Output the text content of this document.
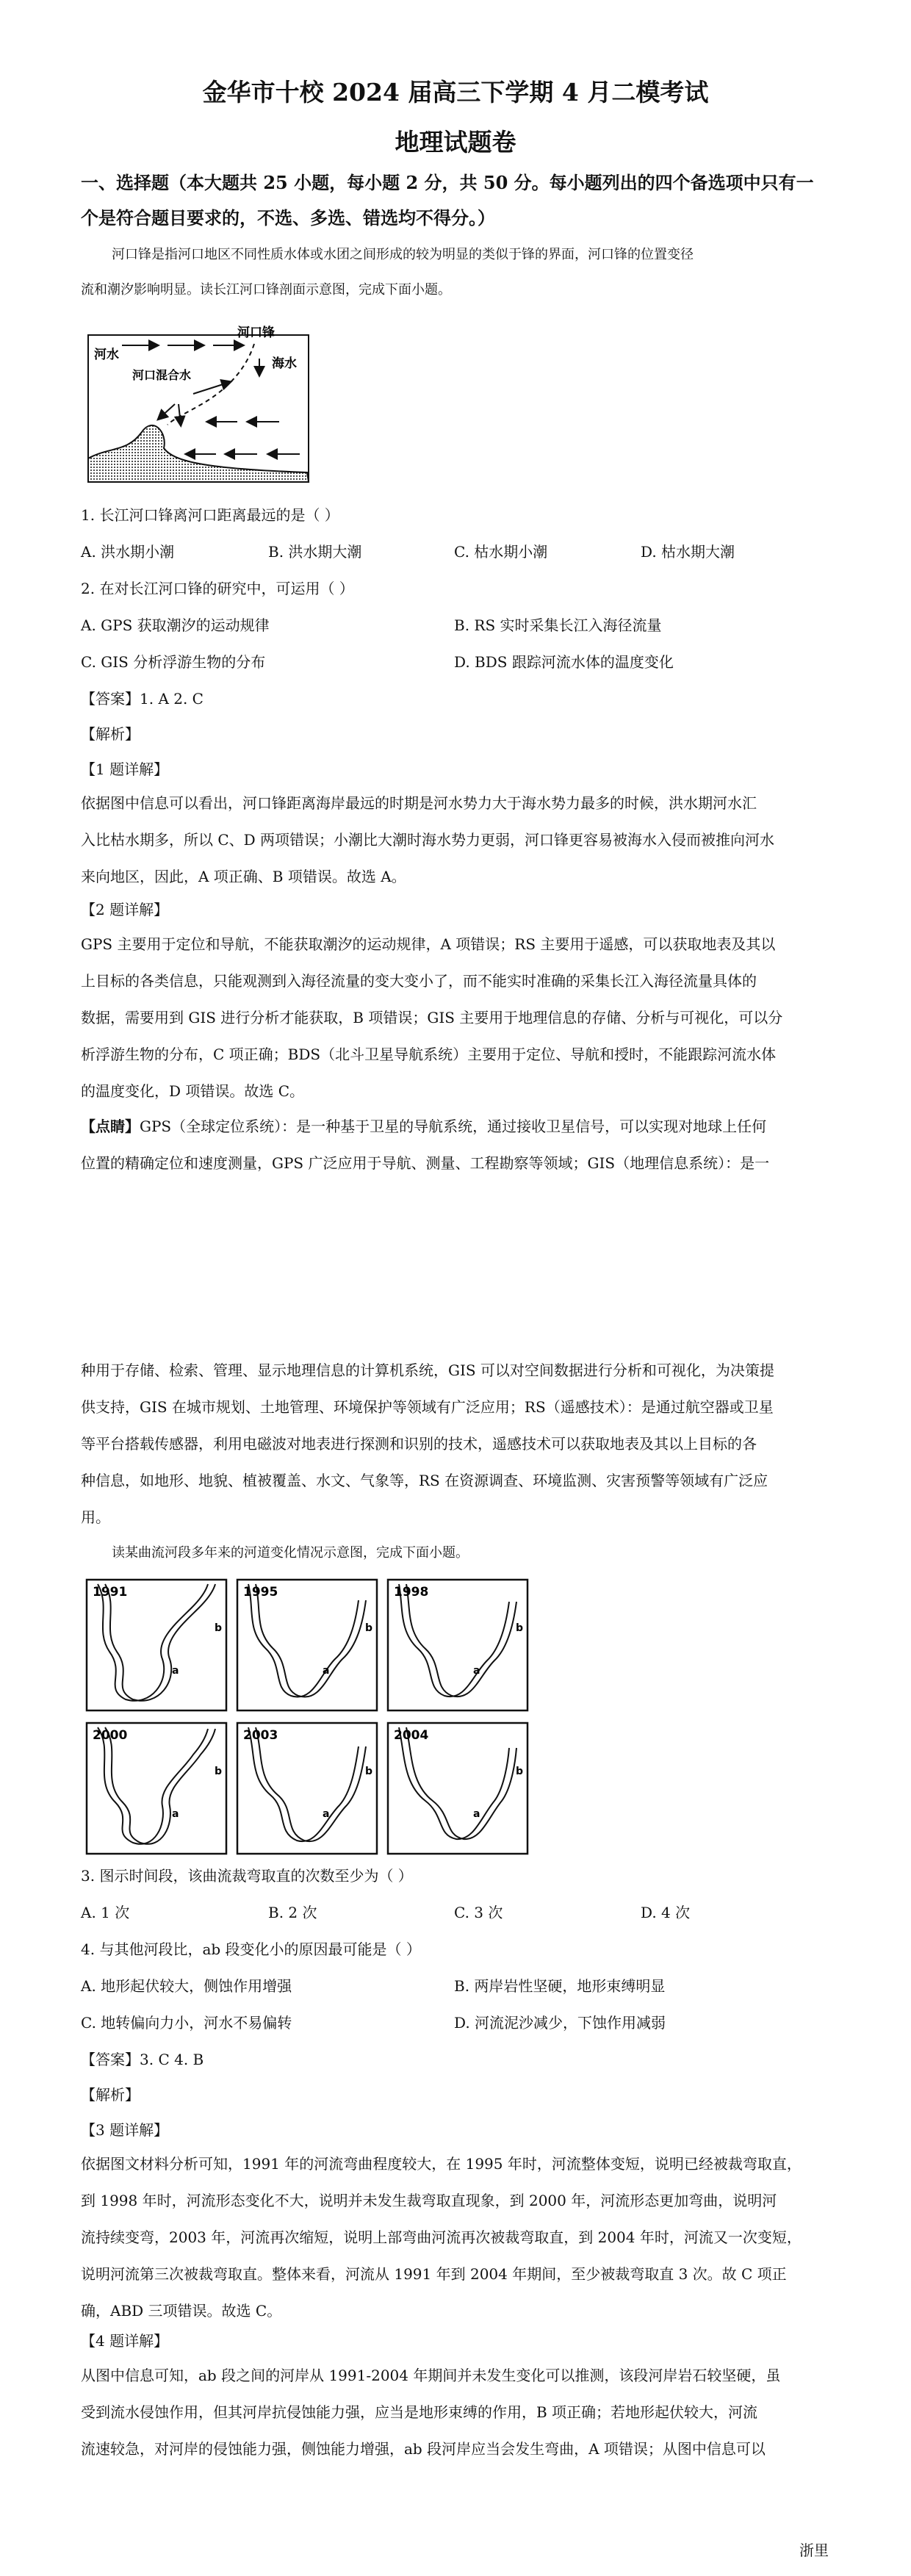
金华市十校 2024 届高三下学期 4 月二模考试
地理试题卷
一、选择题（本大题共 25 小题，每小题 2 分，共 50 分。每小题列出的四个备选项中只有一
个是符合题目要求的，不选、多选、错选均不得分。）
河口锋是指河口地区不同性质水体或水团之间形成的较为明显的类似于锋的界面，河口锋的位置变径
流和潮汐影响明显。读长江河口锋剖面示意图，完成下面小题。
河水
河口锋
河口混合水
海水
1. 长江河口锋离河口距离最远的是（ ）
A. 洪水期小潮	B. 洪水期大潮	C. 枯水期小潮	D. 枯水期大潮
2. 在对长江河口锋的研究中，可运用（ ）
A. GPS 获取潮汐的运动规律	B. RS 实时采集长江入海径流量
C. GIS 分析浮游生物的分布	D. BDS 跟踪河流水体的温度变化
【答案】1. A 2. C
【解析】
【1 题详解】
依据图中信息可以看出，河口锋距离海岸最远的时期是河水势力大于海水势力最多的时候，洪水期河水汇
入比枯水期多，所以 C、D 两项错误；小潮比大潮时海水势力更弱，河口锋更容易被海水入侵而被推向河水
来向地区，因此，A 项正确、B 项错误。故选 A。
【2 题详解】
GPS 主要用于定位和导航，不能获取潮汐的运动规律，A 项错误；RS 主要用于遥感，可以获取地表及其以
上目标的各类信息，只能观测到入海径流量的变大变小了，而不能实时准确的采集长江入海径流量具体的
数据，需要用到 GIS 进行分析才能获取，B 项错误；GIS 主要用于地理信息的存储、分析与可视化，可以分
析浮游生物的分布，C 项正确；BDS（北斗卫星导航系统）主要用于定位、导航和授时，不能跟踪河流水体
的温度变化，D 项错误。故选 C。
【点睛】GPS（全球定位系统）：是一种基于卫星的导航系统，通过接收卫星信号，可以实现对地球上任何
位置的精确定位和速度测量，GPS 广泛应用于导航、测量、工程勘察等领域；GIS（地理信息系统）：是一
种用于存储、检索、管理、显示地理信息的计算机系统，GIS 可以对空间数据进行分析和可视化，为决策提
供支持，GIS 在城市规划、土地管理、环境保护等领域有广泛应用；RS（遥感技术）：是通过航空器或卫星
等平台搭载传感器，利用电磁波对地表进行探测和识别的技术，遥感技术可以获取地表及其以上目标的各
种信息，如地形、地貌、植被覆盖、水文、气象等，RS 在资源调查、环境监测、灾害预警等领域有广泛应
用。
读某曲流河段多年来的河道变化情况示意图，完成下面小题。
1991
b
a
1995
b
a
1998
b
a
2000
b
a
2003
b
a
2004
b
a
3. 图示时间段，该曲流裁弯取直的次数至少为（ ）
A. 1 次	B. 2 次	C. 3 次	D. 4 次
4. 与其他河段比，ab 段变化小的原因最可能是（ ）
A. 地形起伏较大，侧蚀作用增强	B. 两岸岩性坚硬，地形束缚明显
C. 地转偏向力小，河水不易偏转	D. 河流泥沙减少，下蚀作用减弱
【答案】3. C 4. B
【解析】
【3 题详解】
依据图文材料分析可知，1991 年的河流弯曲程度较大，在 1995 年时，河流整体变短，说明已经被裁弯取直，
到 1998 年时，河流形态变化不大，说明并未发生裁弯取直现象，到 2000 年，河流形态更加弯曲，说明河
流持续变弯，2003 年，河流再次缩短，说明上部弯曲河流再次被裁弯取直，到 2004 年时，河流又一次变短，
说明河流第三次被裁弯取直。整体来看，河流从 1991 年到 2004 年期间，至少被裁弯取直 3 次。故 C 项正
确，ABD 三项错误。故选 C。
【4 题详解】
从图中信息可知，ab 段之间的河岸从 1991-2004 年期间并未发生变化可以推测，该段河岸岩石较坚硬，虽
受到流水侵蚀作用，但其河岸抗侵蚀能力强，应当是地形束缚的作用，B 项正确；若地形起伏较大，河流
流速较急，对河岸的侵蚀能力强，侧蚀能力增强，ab 段河岸应当会发生弯曲，A 项错误；从图中信息可以
浙里
